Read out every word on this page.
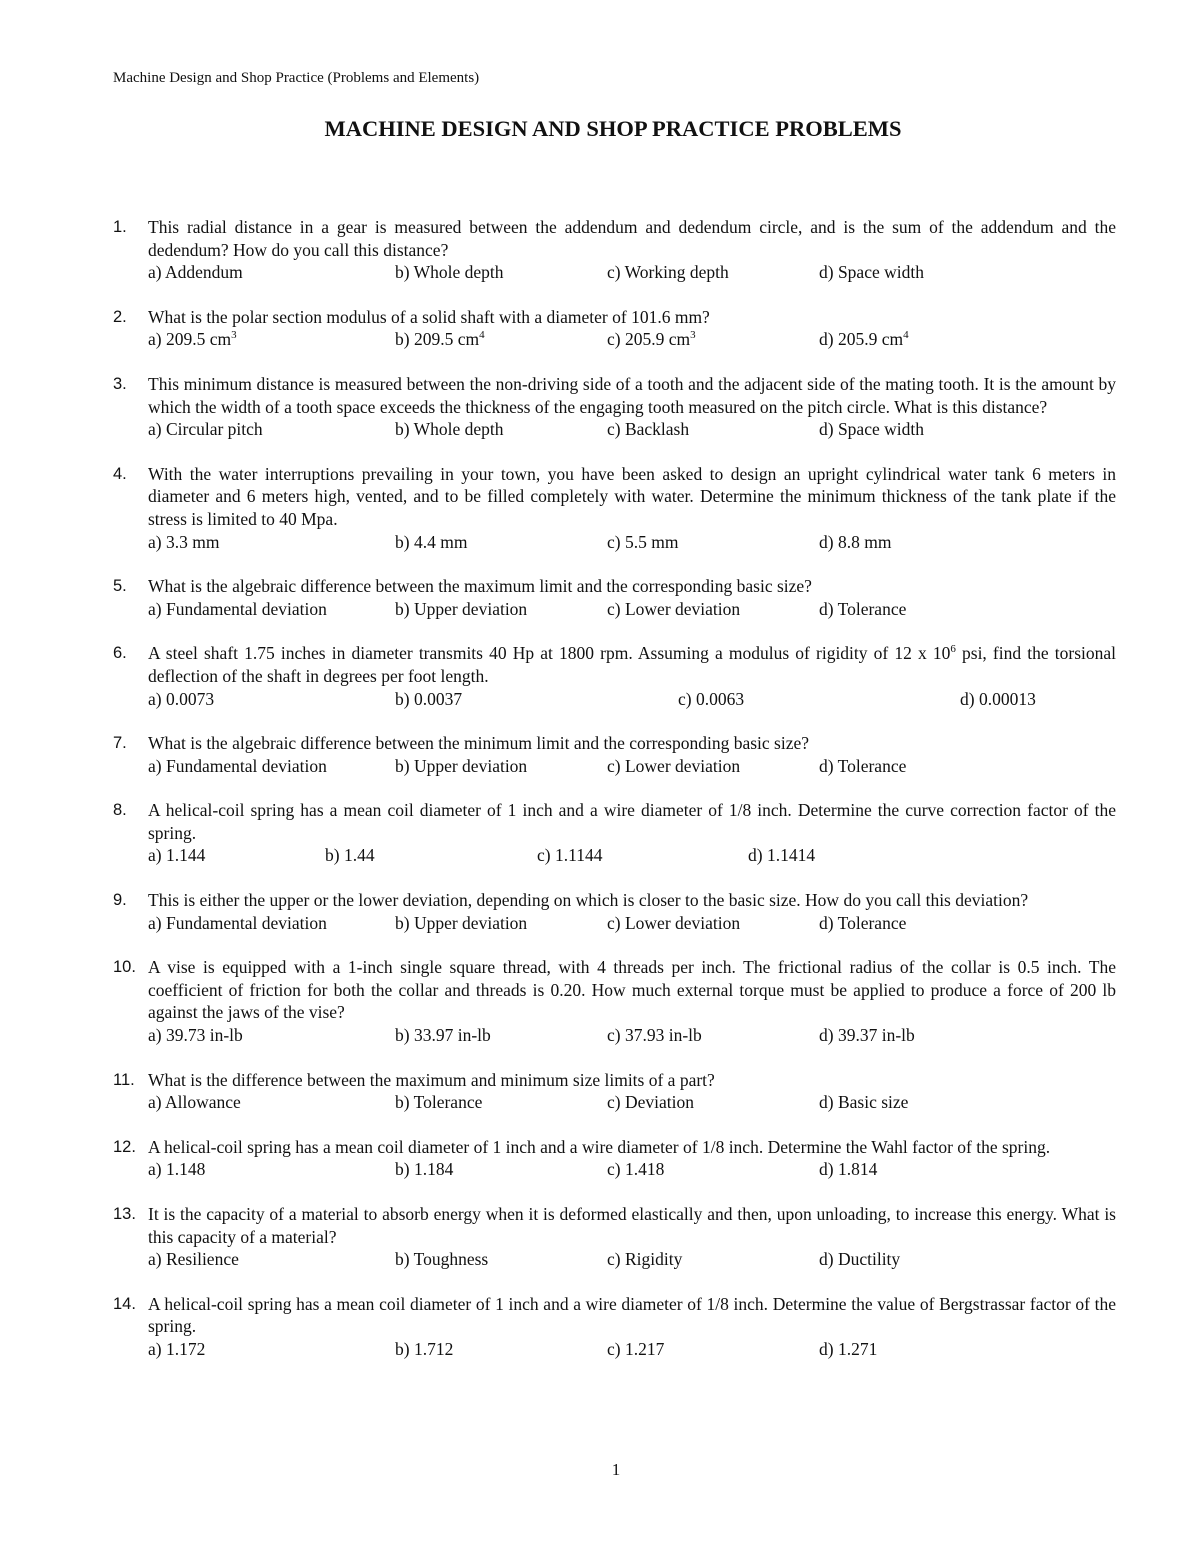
Machine Design and Shop Practice (Problems and Elements)
MACHINE DESIGN AND SHOP PRACTICE PROBLEMS
1. This radial distance in a gear is measured between the addendum and dedendum circle, and is the sum of the addendum and the dedendum? How do you call this distance?
a) Addendum	b) Whole depth	c) Working depth	d) Space width
2. What is the polar section modulus of a solid shaft with a diameter of 101.6 mm?
a) 209.5 $cm^3$	b) 209.5 $cm^4$	c) 205.9 $cm^3$	d) 205.9 $cm^4$
3. This minimum distance is measured between the non-driving side of a tooth and the adjacent side of the mating tooth. It is the amount by which the width of a tooth space exceeds the thickness of the engaging tooth measured on the pitch circle. What is this distance?
a) Circular pitch	b) Whole depth	c) Backlash	d) Space width
4. With the water interruptions prevailing in your town, you have been asked to design an upright cylindrical water tank 6 meters in diameter and 6 meters high, vented, and to be filled completely with water. Determine the minimum thickness of the tank plate if the stress is limited to 40 Mpa.
a) 3.3 mm	b) 4.4 mm	c) 5.5 mm	d) 8.8 mm
5. What is the algebraic difference between the maximum limit and the corresponding basic size?
a) Fundamental deviation	b) Upper deviation	c) Lower deviation	d) Tolerance
6. A steel shaft 1.75 inches in diameter transmits 40 Hp at 1800 rpm. Assuming a modulus of rigidity of 12 x $10^6$ psi, find the torsional deflection of the shaft in degrees per foot length.
a) 0.0073	b) 0.0037	c) 0.0063	d) 0.00013
7. What is the algebraic difference between the minimum limit and the corresponding basic size?
a) Fundamental deviation	b) Upper deviation	c) Lower deviation	d) Tolerance
8. A helical-coil spring has a mean coil diameter of 1 inch and a wire diameter of 1/8 inch. Determine the curve correction factor of the spring.
a) 1.144	b) 1.44	c) 1.1144	d) 1.1414
9. This is either the upper or the lower deviation, depending on which is closer to the basic size. How do you call this deviation?
a) Fundamental deviation	b) Upper deviation	c) Lower deviation	d) Tolerance
10. A vise is equipped with a 1-inch single square thread, with 4 threads per inch. The frictional radius of the collar is 0.5 inch. The coefficient of friction for both the collar and threads is 0.20. How much external torque must be applied to produce a force of 200 lb against the jaws of the vise?
a) 39.73 in-lb	b) 33.97 in-lb	c) 37.93 in-lb	d) 39.37 in-lb
11. What is the difference between the maximum and minimum size limits of a part?
a) Allowance	b) Tolerance	c) Deviation	d) Basic size
12. A helical-coil spring has a mean coil diameter of 1 inch and a wire diameter of 1/8 inch. Determine the Wahl factor of the spring.
a) 1.148	b) 1.184	c) 1.418	d) 1.814
13. It is the capacity of a material to absorb energy when it is deformed elastically and then, upon unloading, to increase this energy. What is this capacity of a material?
a) Resilience	b) Toughness	c) Rigidity	d) Ductility
14. A helical-coil spring has a mean coil diameter of 1 inch and a wire diameter of 1/8 inch. Determine the value of Bergstrassar factor of the spring.
a) 1.172	b) 1.712	c) 1.217	d) 1.271
1
